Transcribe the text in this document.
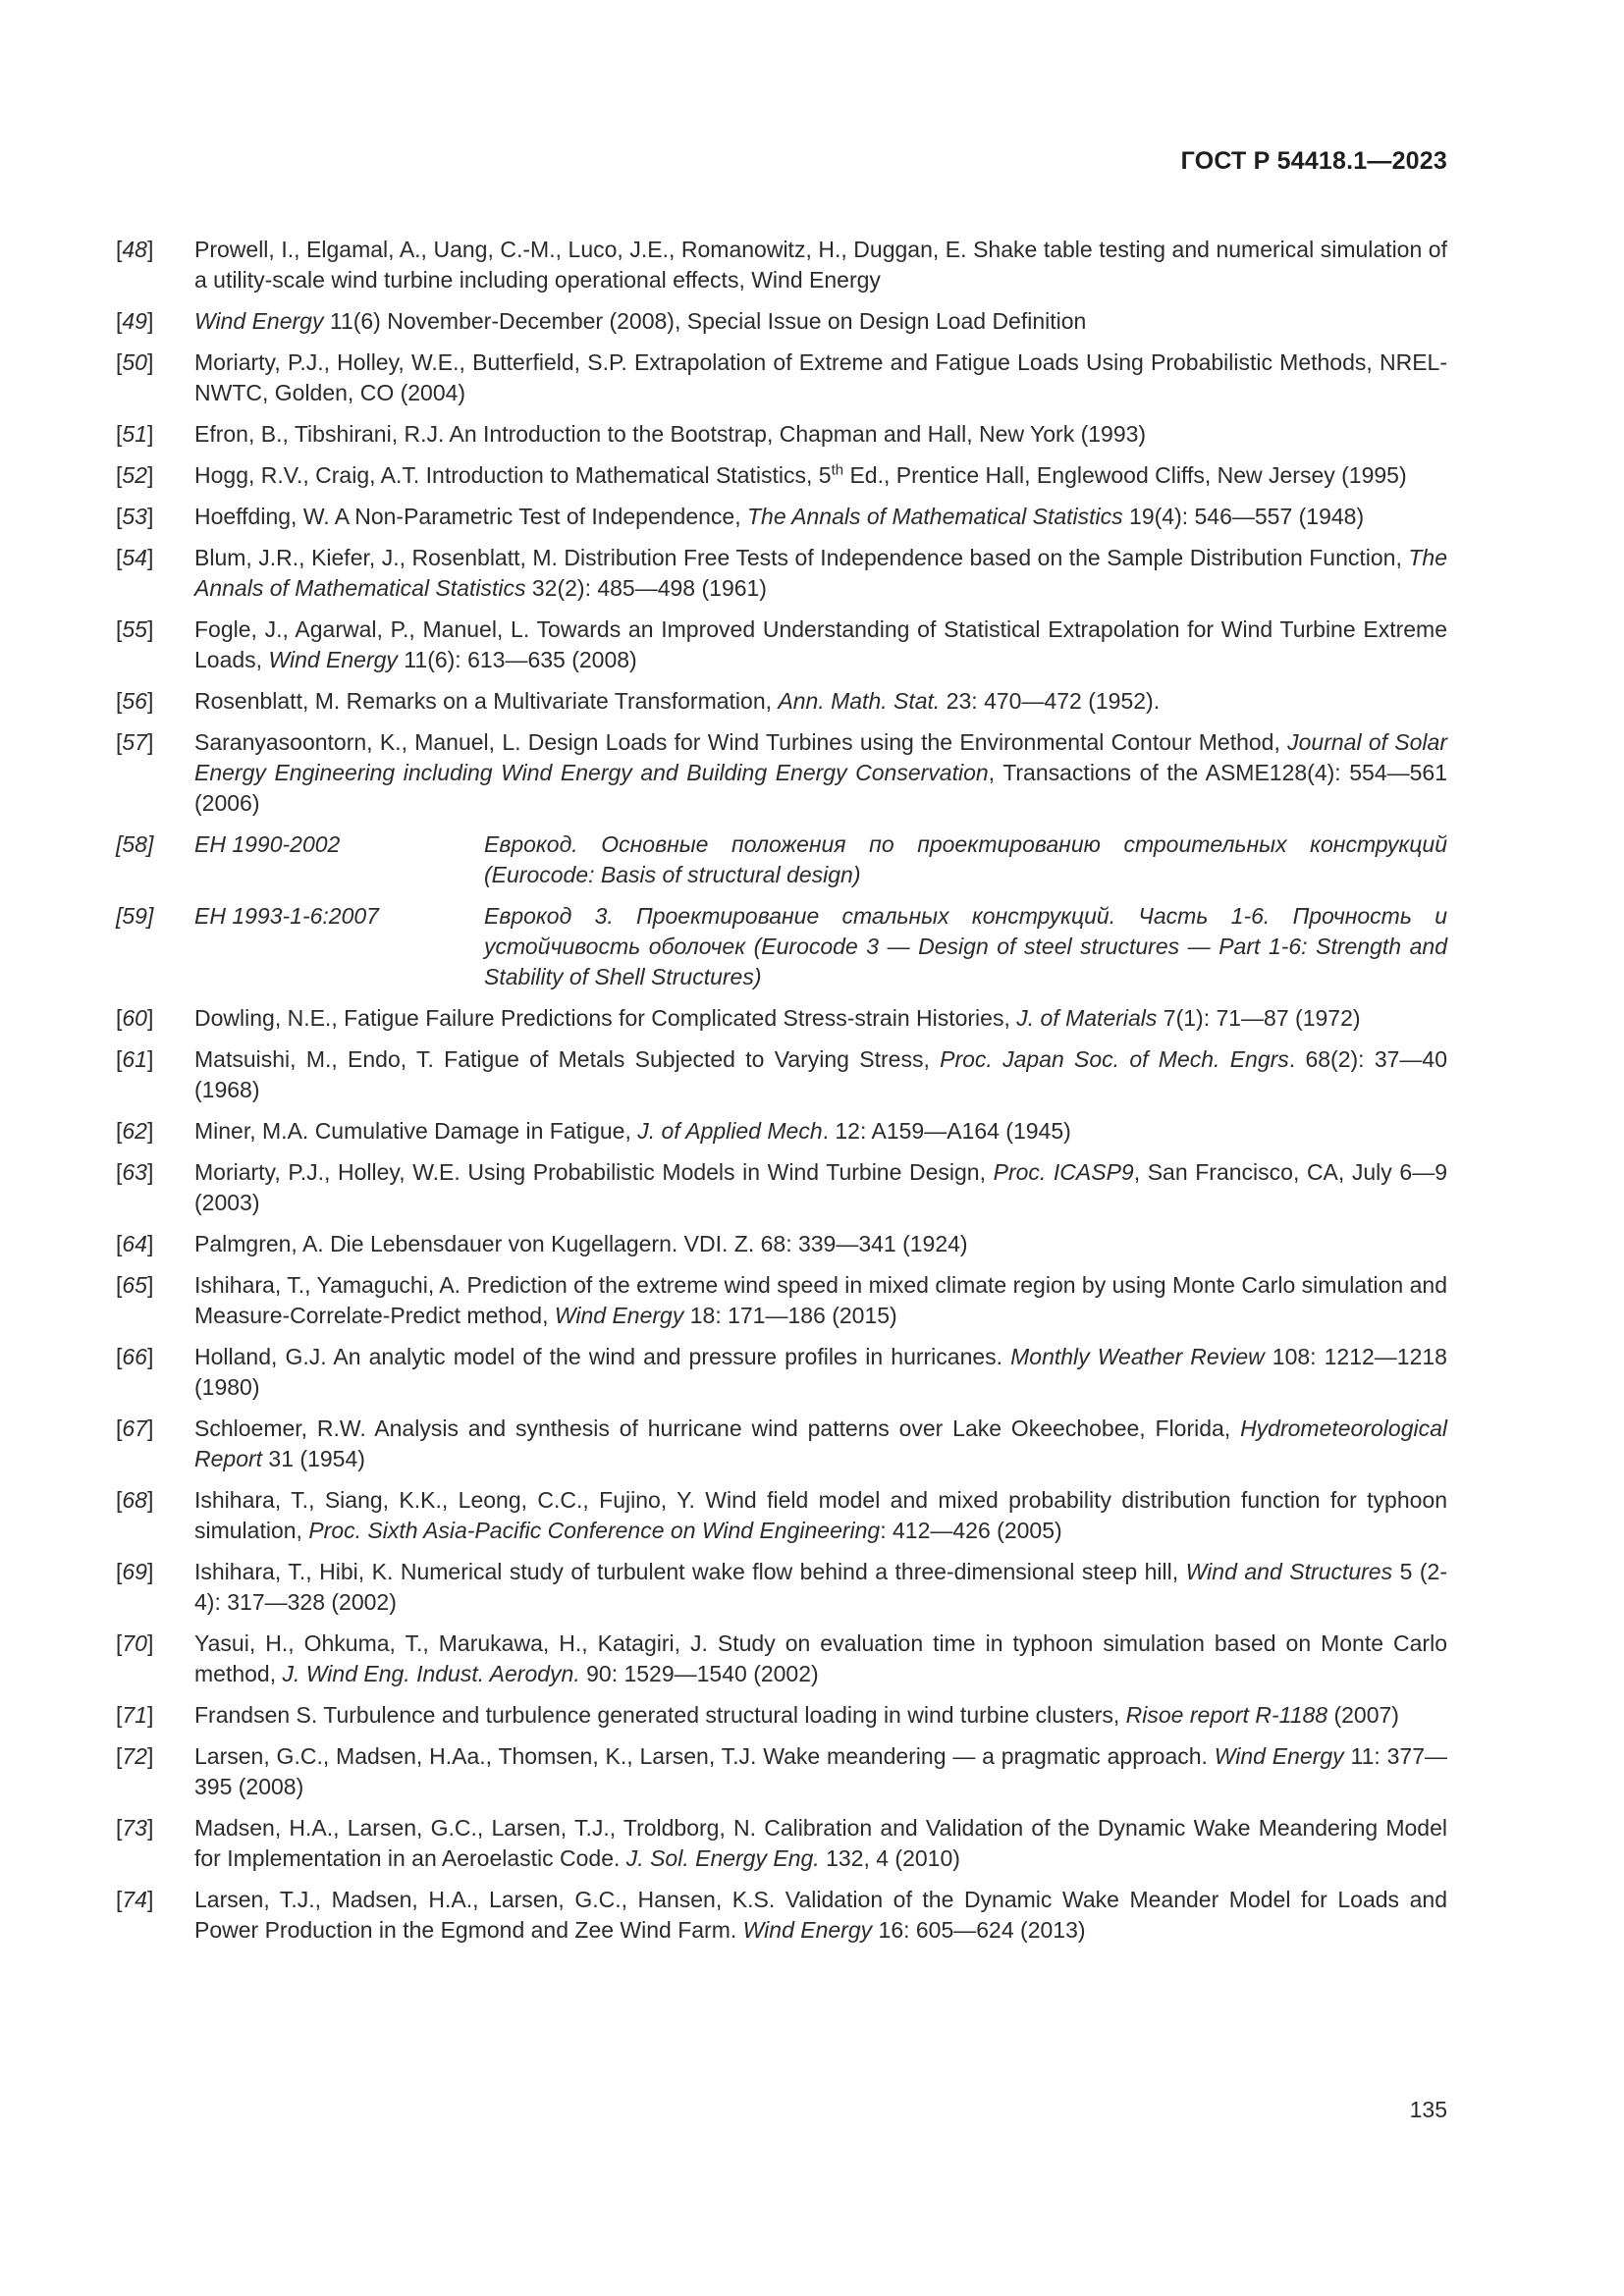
ГОСТ Р 54418.1—2023
[48]	Prowell, I., Elgamal, A., Uang, C.-M., Luco, J.E., Romanowitz, H., Duggan, E. Shake table testing and numerical simulation of a utility-scale wind turbine including operational effects, Wind Energy
[49]	Wind Energy 11(6) November-December (2008), Special Issue on Design Load Definition
[50]	Moriarty, P.J., Holley, W.E., Butterfield, S.P. Extrapolation of Extreme and Fatigue Loads Using Probabilistic Methods, NREL-NWTC, Golden, CO (2004)
[51]	Efron, B., Tibshirani, R.J. An Introduction to the Bootstrap, Chapman and Hall, New York (1993)
[52]	Hogg, R.V., Craig, A.T. Introduction to Mathematical Statistics, 5th Ed., Prentice Hall, Englewood Cliffs, New Jersey (1995)
[53]	Hoeffding, W. A Non-Parametric Test of Independence, The Annals of Mathematical Statistics 19(4): 546—557 (1948)
[54]	Blum, J.R., Kiefer, J., Rosenblatt, M. Distribution Free Tests of Independence based on the Sample Distribution Function, The Annals of Mathematical Statistics 32(2): 485—498 (1961)
[55]	Fogle, J., Agarwal, P., Manuel, L. Towards an Improved Understanding of Statistical Extrapolation for Wind Turbine Extreme Loads, Wind Energy 11(6): 613—635 (2008)
[56]	Rosenblatt, M. Remarks on a Multivariate Transformation, Ann. Math. Stat. 23: 470—472 (1952).
[57]	Saranyasoontorn, K., Manuel, L. Design Loads for Wind Turbines using the Environmental Contour Method, Journal of Solar Energy Engineering including Wind Energy and Building Energy Conservation, Transactions of the ASME128(4): 554—561 (2006)
[58]	EH 1990-2002	Еврокод. Основные положения по проектированию строительных конструкций (Eurocode: Basis of structural design)
[59]	EH 1993-1-6:2007	Еврокод 3. Проектирование стальных конструкций. Часть 1-6. Прочность и устойчивость оболочек (Eurocode 3 — Design of steel structures — Part 1-6: Strength and Stability of Shell Structures)
[60]	Dowling, N.E., Fatigue Failure Predictions for Complicated Stress-strain Histories, J. of Materials 7(1): 71—87 (1972)
[61]	Matsuishi, M., Endo, T. Fatigue of Metals Subjected to Varying Stress, Proc. Japan Soc. of Mech. Engrs. 68(2): 37—40 (1968)
[62]	Miner, M.A. Cumulative Damage in Fatigue, J. of Applied Mech. 12: A159—A164 (1945)
[63]	Moriarty, P.J., Holley, W.E. Using Probabilistic Models in Wind Turbine Design, Proc. ICASP9, San Francisco, CA, July 6—9 (2003)
[64]	Palmgren, A. Die Lebensdauer von Kugellagern. VDI. Z. 68: 339—341 (1924)
[65]	Ishihara, T., Yamaguchi, A. Prediction of the extreme wind speed in mixed climate region by using Monte Carlo simulation and Measure-Correlate-Predict method, Wind Energy 18: 171—186 (2015)
[66]	Holland, G.J. An analytic model of the wind and pressure profiles in hurricanes. Monthly Weather Review 108: 1212—1218 (1980)
[67]	Schloemer, R.W. Analysis and synthesis of hurricane wind patterns over Lake Okeechobee, Florida, Hydrometeorological Report 31 (1954)
[68]	Ishihara, T., Siang, K.K., Leong, C.C., Fujino, Y. Wind field model and mixed probability distribution function for typhoon simulation, Proc. Sixth Asia-Pacific Conference on Wind Engineering: 412—426 (2005)
[69]	Ishihara, T., Hibi, K. Numerical study of turbulent wake flow behind a three-dimensional steep hill, Wind and Structures 5 (2-4): 317—328 (2002)
[70]	Yasui, H., Ohkuma, T., Marukawa, H., Katagiri, J. Study on evaluation time in typhoon simulation based on Monte Carlo method, J. Wind Eng. Indust. Aerodyn. 90: 1529—1540 (2002)
[71]	Frandsen S. Turbulence and turbulence generated structural loading in wind turbine clusters, Risoe report R-1188 (2007)
[72]	Larsen, G.C., Madsen, H.Aa., Thomsen, K., Larsen, T.J. Wake meandering — a pragmatic approach. Wind Energy 11: 377—395 (2008)
[73]	Madsen, H.A., Larsen, G.C., Larsen, T.J., Troldborg, N. Calibration and Validation of the Dynamic Wake Meandering Model for Implementation in an Aeroelastic Code. J. Sol. Energy Eng. 132, 4 (2010)
[74]	Larsen, T.J., Madsen, H.A., Larsen, G.C., Hansen, K.S. Validation of the Dynamic Wake Meander Model for Loads and Power Production in the Egmond and Zee Wind Farm. Wind Energy 16: 605—624 (2013)
135
